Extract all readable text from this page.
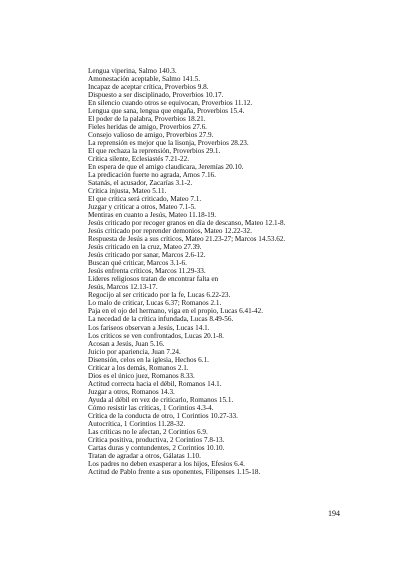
Lengua viperina, Salmo 140.3.
Amonestación aceptable, Salmo 141.5.
Incapaz de aceptar crítica, Proverbios 9.8.
Dispuesto a ser disciplinado, Proverbios 10.17.
En silencio cuando otros se equivocan, Proverbios 11.12.
Lengua que sana, lengua que engaña, Proverbios 15.4.
El poder de la palabra, Proverbios 18.21.
Fieles heridas de amigo, Proverbios 27.6.
Consejo valioso de amigo, Proverbios 27.9.
La reprensión es mejor que la lisonja, Proverbios 28.23.
El que rechaza la reprensión, Proverbios 29.1.
Crítica silente, Eclesiastés 7.21-22.
En espera de que el amigo claudicara, Jeremías 20.10.
La predicación fuerte no agrada, Amos 7.16.
Satanás, el acusador, Zacarías 3.1-2.
Crítica injusta, Mateo 5.11.
El que critica será criticado, Mateo 7.1.
Juzgar y criticar a otros, Mateo 7.1-5.
Mentiras en cuanto a Jesús, Mateo 11.18-19.
Jesús criticado por recoger granos en día de descanso, Mateo 12.1-8.
Jesús criticado por reprender demonios, Mateo 12.22-32.
Respuesta de Jesús a sus críticos, Mateo 21.23-27; Marcos 14.53.62.
Jesús criticado en la cruz, Mateo 27.39.
Jesús criticado por sanar, Marcos 2.6-12.
Buscan qué criticar, Marcos 3.1-6.
Jesús enfrenta críticos, Marcos 11.29-33.
Líderes religiosos tratan de encontrar falta en
Jesús, Marcos 12.13-17.
Regocijo al ser criticado por la fe, Lucas 6.22-23.
Lo malo de criticar, Lucas 6.37; Romanos 2.1.
Paja en el ojo del hermano, viga en el propio, Lucas 6.41-42.
La necedad de la crítica infundada, Lucas 8.49-56.
Los fariseos observan a Jesús, Lucas 14.1.
Los críticos se ven confrontados, Lucas 20.1-8.
Acosan a Jesús, Juan 5.16.
Juicio por apariencia, Juan 7.24.
Disensión, celos en la iglesia, Hechos 6.1.
Criticar a los demás, Romanos 2.1.
Dios es el único juez, Romanos 8.33.
Actitud correcta hacia el débil, Romanos 14.1.
Juzgar a otros, Romanos 14.3.
Ayuda al débil en vez de criticarlo, Romanos 15.1.
Cómo resistir las críticas, 1 Corintios 4.3-4.
Crítica de la conducta de otro, 1 Corintios 10.27-33.
Autocrítica, 1 Corintios 11.28-32.
Las críticas no le afectan, 2 Corintios 6.9.
Crítica positiva, productiva, 2 Corintios 7.8-13.
Cartas duras y contundentes, 2 Corintios 10.10.
Tratan de agradar a otros, Gálatas 1.10.
Los padres no deben exasperar a los hijos, Efesios 6.4.
Actitud de Pablo frente a sus oponentes, Filipenses 1.15-18.
194
